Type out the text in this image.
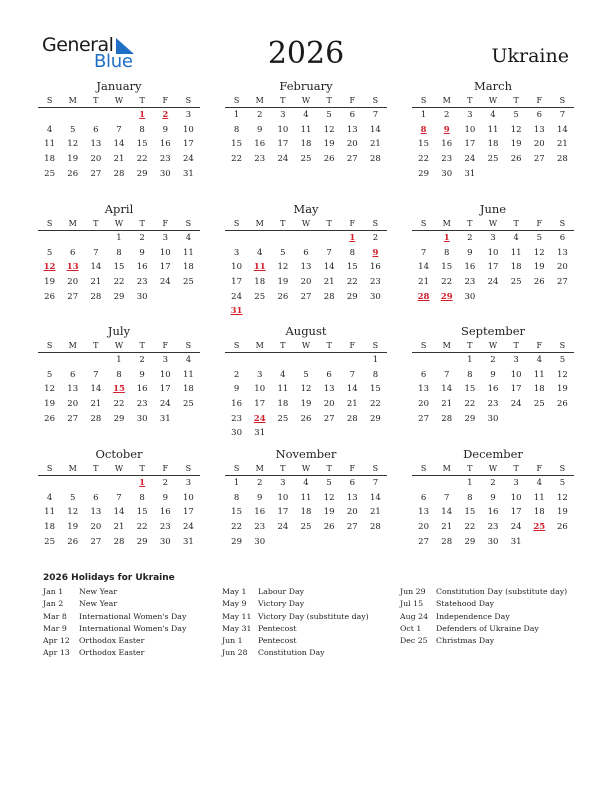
General
Blue	2026	Ukraine
January
S	M	T	W	T	F	S
				1	2	3
4	5	6	7	8	9	10
11	12	13	14	15	16	17
18	19	20	21	22	23	24
25	26	27	28	29	30	31
February
S	M	T	W	T	F	S
1	2	3	4	5	6	7
8	9	10	11	12	13	14
15	16	17	18	19	20	21
22	23	24	25	26	27	28
March
S	M	T	W	T	F	S
1	2	3	4	5	6	7
8	9	10	11	12	13	14
15	16	17	18	19	20	21
22	23	24	25	26	27	28
29	30	31				
April
S	M	T	W	T	F	S
			1	2	3	4
5	6	7	8	9	10	11
12	13	14	15	16	17	18
19	20	21	22	23	24	25
26	27	28	29	30		
May
S	M	T	W	T	F	S
					1	2
3	4	5	6	7	8	9
10	11	12	13	14	15	16
17	18	19	20	21	22	23
24	25	26	27	28	29	30
31						
June
S	M	T	W	T	F	S
	1	2	3	4	5	6
7	8	9	10	11	12	13
14	15	16	17	18	19	20
21	22	23	24	25	26	27
28	29	30				
July
S	M	T	W	T	F	S
			1	2	3	4
5	6	7	8	9	10	11
12	13	14	15	16	17	18
19	20	21	22	23	24	25
26	27	28	29	30	31	
August
S	M	T	W	T	F	S
						1
2	3	4	5	6	7	8
9	10	11	12	13	14	15
16	17	18	19	20	21	22
23	24	25	26	27	28	29
30	31					
September
S	M	T	W	T	F	S
		1	2	3	4	5
6	7	8	9	10	11	12
13	14	15	16	17	18	19
20	21	22	23	24	25	26
27	28	29	30			
October
S	M	T	W	T	F	S
				1	2	3
4	5	6	7	8	9	10
11	12	13	14	15	16	17
18	19	20	21	22	23	24
25	26	27	28	29	30	31
November
S	M	T	W	T	F	S
1	2	3	4	5	6	7
8	9	10	11	12	13	14
15	16	17	18	19	20	21
22	23	24	25	26	27	28
29	30					
December
S	M	T	W	T	F	S
		1	2	3	4	5
6	7	8	9	10	11	12
13	14	15	16	17	18	19
20	21	22	23	24	25	26
27	28	29	30	31		
2026 Holidays for Ukraine
Jan 1 New Year
Jan 2 New Year
Mar 8 International Women's Day
Mar 9 International Women's Day
Apr 12 Orthodox Easter
Apr 13 Orthodox Easter
May 1 Labour Day
May 9 Victory Day
May 11 Victory Day (substitute day)
May 31 Pentecost
Jun 1 Pentecost
Jun 28 Constitution Day
Jun 29 Constitution Day (substitute day)
Jul 15 Statehood Day
Aug 24 Independence Day
Oct 1 Defenders of Ukraine Day
Dec 25 Christmas Day
